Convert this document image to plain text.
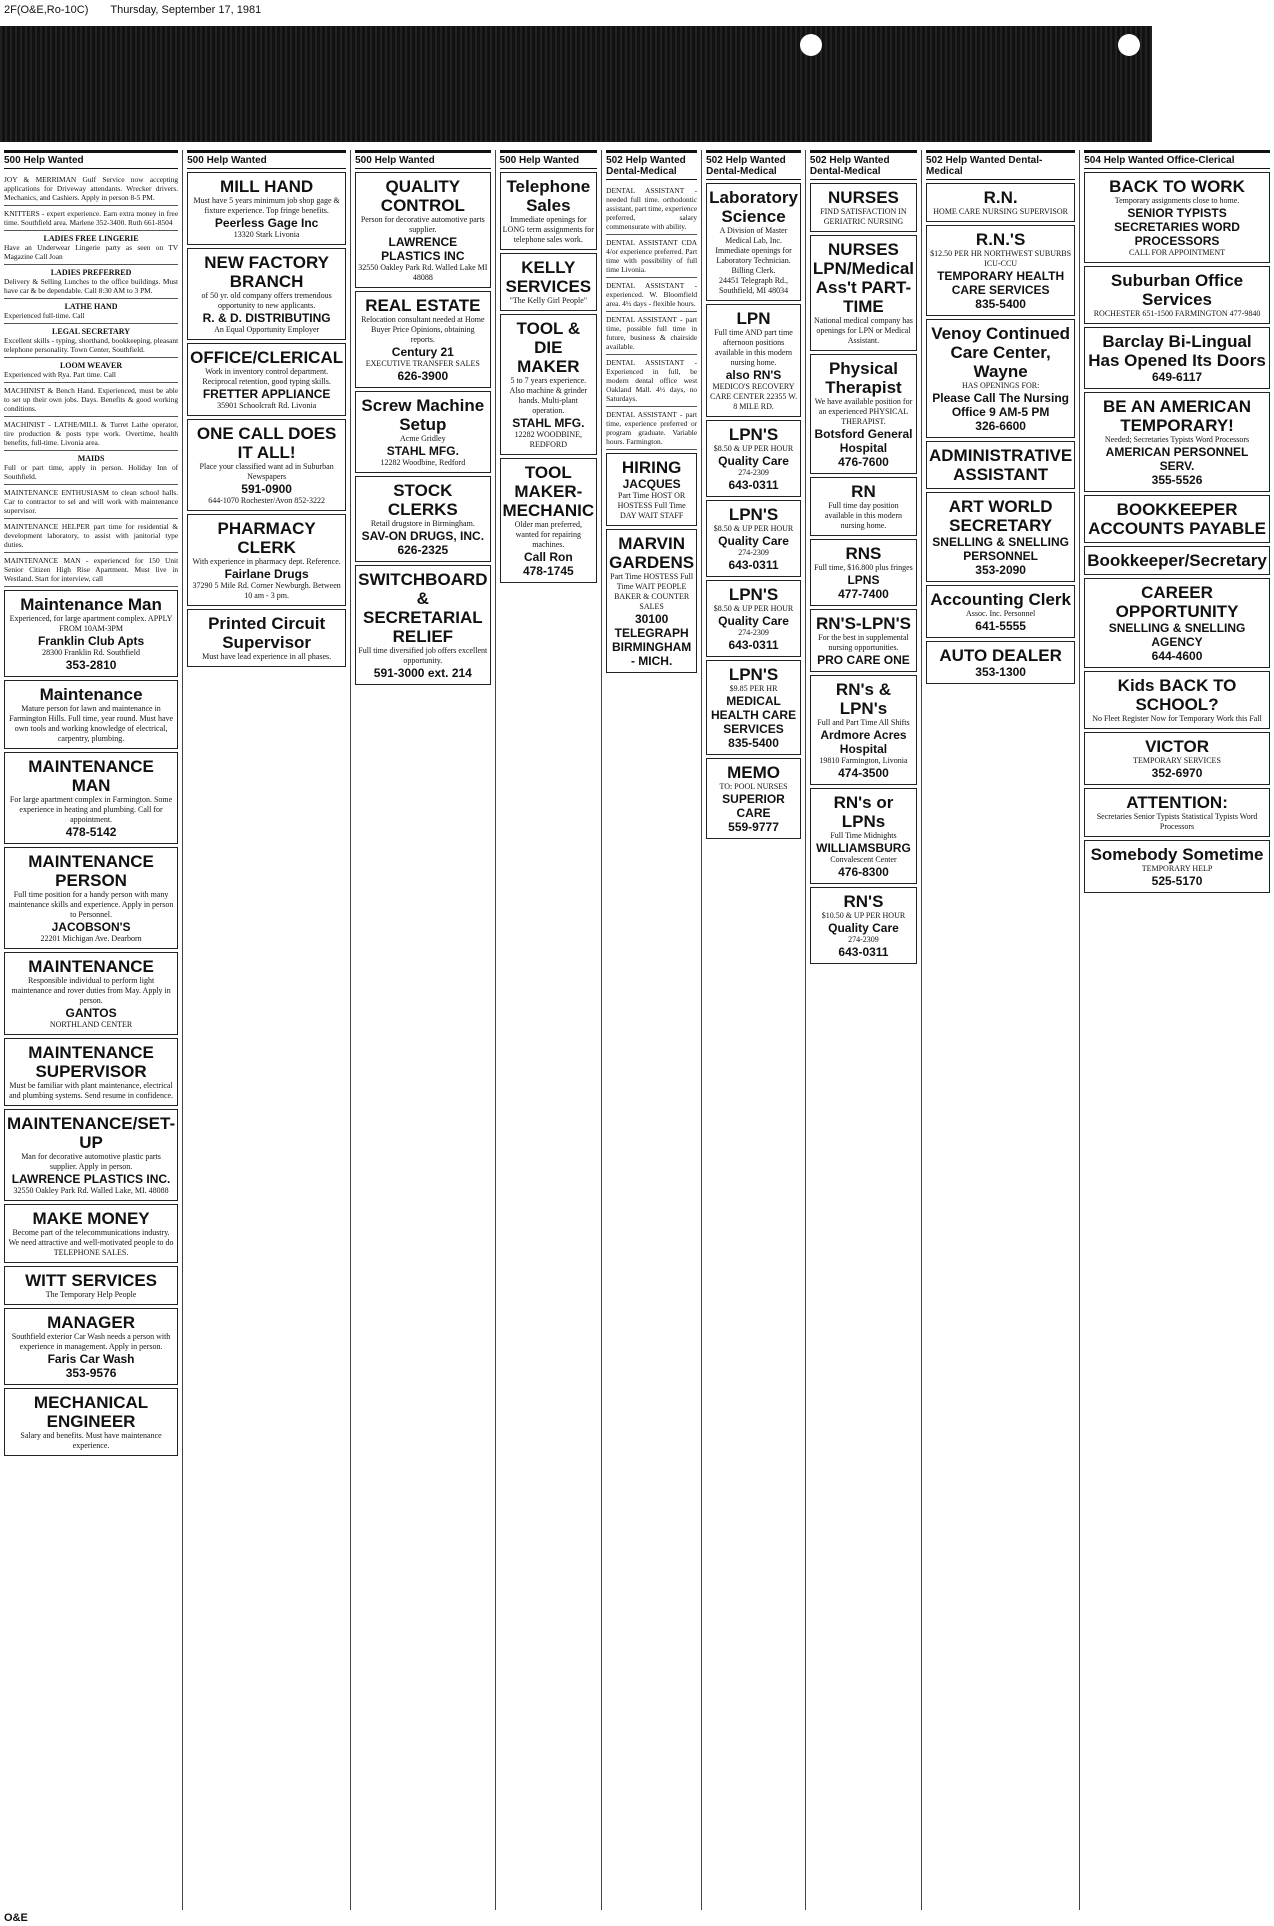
2F(O&E,Ro-10C) Thursday, September 17, 1981
500 Help Wanted

JOY & MERRIMAN Gulf Service now accepting applications for Driveway attendants. Wrecker drivers. Mechanics, and Cashiers. Apply in person 8-5 PM.

KNITTERS - expert experience. Earn extra money in free time. Southfield area. Marlene 352-3400. Ruth 661-8504

LADIES FREE LINGERIE

Have an Underwear Lingerie party as seen on TV Magazine Call Joan

LADIES PREFERRED

Delivery & Selling Lunches to the office buildings. Must have car & be dependable. Call 8:30 AM to 3 PM.

LATHE HAND

Experienced full-time. Call

LEGAL SECRETARY

Excellent skills - typing, shorthand, bookkeeping, pleasant telephone personality. Town Center, Southfield.

LOOM WEAVER

Experienced with Rya. Part time. Call

MACHINIST & Bench Hand. Experienced, must be able to set up their own jobs. Days. Benefits & good working conditions.

MACHINIST - LATHE/MILL & Turret Lathe operator, tire production & posts type work. Overtime, health benefits, full-time. Livonia area.

MAIDS

Full or part time, apply in person. Holiday Inn of Southfield.

MAINTENANCE ENTHUSIASM to clean school halls. Car to contractor to sel and will work with maintenance supervisor.

MAINTENANCE HELPER part time for residential & development laboratory, to assist with janitorial type duties.

MAINTENANCE MAN - experienced for 150 Unit Senior Citizen High Rise Apartment. Must live in Westland. Start for interview, call

Maintenance Man
Experienced, for large apartment complex. APPLY FROM 10AM-3PM
Franklin Club Apts
28300 Franklin Rd. Southfield
353-2810
Maintenance
Mature person for lawn and maintenance in Farmington Hills. Full time, year round. Must have own tools and working knowledge of electrical, carpentry, plumbing.
MAINTENANCE MAN
For large apartment complex in Farmington. Some experience in heating and plumbing. Call for appointment.
478-5142
MAINTENANCE PERSON
Full time position for a handy person with many maintenance skills and experience. Apply in person to Personnel.
JACOBSON'S
22201 Michigan Ave. Dearborn
MAINTENANCE
Responsible individual to perform light maintenance and rover duties from May. Apply in person.
GANTOS
NORTHLAND CENTER
MAINTENANCE SUPERVISOR
Must be familiar with plant maintenance, electrical and plumbing systems. Send resume in confidence.
MAINTENANCE/SET-UP
Man for decorative automotive plastic parts supplier. Apply in person.
LAWRENCE PLASTICS INC.
32550 Oakley Park Rd. Walled Lake, MI. 48088
MAKE MONEY
Become part of the telecommunications industry. We need attractive and well-motivated people to do TELEPHONE SALES.
WITT SERVICES
The Temporary Help People
MANAGER
Southfield exterior Car Wash needs a person with experience in management. Apply in person.
Faris Car Wash
353-9576
MECHANICAL ENGINEER
Salary and benefits. Must have maintenance experience.
500 Help Wanted
MILL HAND
Must have 5 years minimum job shop gage & fixture experience. Top fringe benefits.
Peerless Gage Inc
13320 Stark Livonia
NEW FACTORY BRANCH
of 50 yr. old company offers tremendous opportunity to new applicants.
R. & D. DISTRIBUTING
An Equal Opportunity Employer
OFFICE/CLERICAL
Work in inventory control department. Reciprocal retention, good typing skills.
FRETTER APPLIANCE
35901 Schoolcraft Rd. Livonia
ONE CALL DOES IT ALL!
Place your classified want ad in Suburban Newspapers
591-0900
644-1070 Rochester/Avon 852-3222
PHARMACY CLERK
With experience in pharmacy dept. Reference.
Fairlane Drugs
37290 5 Mile Rd. Corner Newburgh. Between 10 am - 3 pm.
Printed Circuit Supervisor
Must have lead experience in all phases.
500 Help Wanted
QUALITY CONTROL
Person for decorative automotive parts supplier.
LAWRENCE PLASTICS INC
32550 Oakley Park Rd. Walled Lake MI 48088
REAL ESTATE
Relocation consultant needed at Home Buyer Price Opinions, obtaining reports.
Century 21
EXECUTIVE TRANSFER SALES
626-3900
Screw Machine Setup
Acme Gridley
STAHL MFG.
12282 Woodbine, Redford
STOCK CLERKS
Retail drugstore in Birmingham.
SAV-ON DRUGS, INC.
626-2325
SWITCHBOARD & SECRETARIAL RELIEF
Full time diversified job offers excellent opportunity.
591-3000 ext. 214
500 Help Wanted
Telephone Sales
Immediate openings for LONG term assignments for telephone sales work.
KELLY SERVICES
"The Kelly Girl People"
TOOL & DIE MAKER
5 to 7 years experience. Also machine & grinder hands. Multi-plant operation.
STAHL MFG.
12282 WOODBINE, REDFORD
TOOL MAKER-MECHANIC
Older man preferred, wanted for repairing machines.
Call Ron
478-1745
502 Help Wanted Dental-Medical

DENTAL ASSISTANT - needed full time. orthodontic assistant, part time, experience preferred, salary commensurate with ability.

DENTAL ASSISTANT CDA 4/or experience preferred. Part time with possibility of full time Livonia.

DENTAL ASSISTANT - experienced. W. Bloomfield area. 4½ days - flexible hours.

DENTAL ASSISTANT - part time, possible full time in future, business & chairside available.

DENTAL ASSISTANT - Experienced in full, be modern dental office west Oakland Mall. 4½ days, no Saturdays.

DENTAL ASSISTANT - part time, experience preferred or program graduate. Variable hours. Farmington.

HIRING
JACQUES
Part Time HOST OR HOSTESS Full Time DAY WAIT STAFF
MARVIN GARDENS
Part Time HOSTESS Full Time WAIT PEOPLE BAKER & COUNTER SALES
30100 TELEGRAPH BIRMINGHAM - MICH.
502 Help Wanted Dental-Medical
Laboratory Science
A Division of Master Medical Lab, Inc. Immediate openings for Laboratory Technician. Billing Clerk.
24451 Telegraph Rd., Southfield, MI 48034
LPN
Full time AND part time afternoon positions available in this modern nursing home.
also RN'S
MEDICO'S RECOVERY CARE CENTER 22355 W. 8 MILE RD.
LPN'S
$8.50 & UP PER HOUR
Quality Care
274-2309
643-0311
LPN'S
$8.50 & UP PER HOUR
Quality Care
274-2309
643-0311
LPN'S
$8.50 & UP PER HOUR
Quality Care
274-2309
643-0311
LPN'S
$9.85 PER HR
MEDICAL HEALTH CARE SERVICES
835-5400
MEMO
TO: POOL NURSES
SUPERIOR CARE
559-9777
502 Help Wanted Dental-Medical
NURSES
FIND SATISFACTION IN GERIATRIC NURSING
NURSES LPN/Medical Ass't PART-TIME
National medical company has openings for LPN or Medical Assistant.
Physical Therapist
We have available position for an experienced PHYSICAL THERAPIST.
Botsford General Hospital
476-7600
RN
Full time day position available in this modern nursing home.
RNS
Full time, $16.800 plus fringes
LPNS
477-7400
RN'S-LPN'S
For the best in supplemental nursing opportunities.
PRO CARE ONE
RN's & LPN's
Full and Part Time All Shifts
Ardmore Acres Hospital
19810 Farmington, Livonia
474-3500
RN's or LPNs
Full Time Midnights
WILLIAMSBURG
Convalescent Center
476-8300
RN'S
$10.50 & UP PER HOUR
Quality Care
274-2309
643-0311
502 Help Wanted Dental-Medical
R.N.
HOME CARE NURSING SUPERVISOR
R.N.'S
$12.50 PER HR NORTHWEST SUBURBS ICU-CCU
TEMPORARY HEALTH CARE SERVICES
835-5400
Venoy Continued Care Center, Wayne
HAS OPENINGS FOR:
Please Call The Nursing Office 9 AM-5 PM
326-6600
ADMINISTRATIVE ASSISTANT
ART WORLD SECRETARY
SNELLING & SNELLING PERSONNEL
353-2090
Accounting Clerk
Assoc. Inc. Personnel
641-5555
AUTO DEALER
353-1300
504 Help Wanted Office-Clerical
BACK TO WORK
Temporary assignments close to home.
SENIOR TYPISTS SECRETARIES WORD PROCESSORS
CALL FOR APPOINTMENT
Suburban Office Services
ROCHESTER 651-1500 FARMINGTON 477-9840
Barclay Bi-Lingual Has Opened Its Doors
649-6117
BE AN AMERICAN TEMPORARY!
Needed; Secretaries Typists Word Processors
AMERICAN PERSONNEL SERV.
355-5526
BOOKKEEPER ACCOUNTS PAYABLE
Bookkeeper/Secretary
CAREER OPPORTUNITY
SNELLING & SNELLING AGENCY
644-4600
Kids BACK TO SCHOOL?
No Fleet Register Now for Temporary Work this Fall
VICTOR
TEMPORARY SERVICES
352-6970
ATTENTION:
Secretaries Senior Typists Statistical Typists Word Processors
Somebody Sometime
TEMPORARY HELP
525-5170
O&E
